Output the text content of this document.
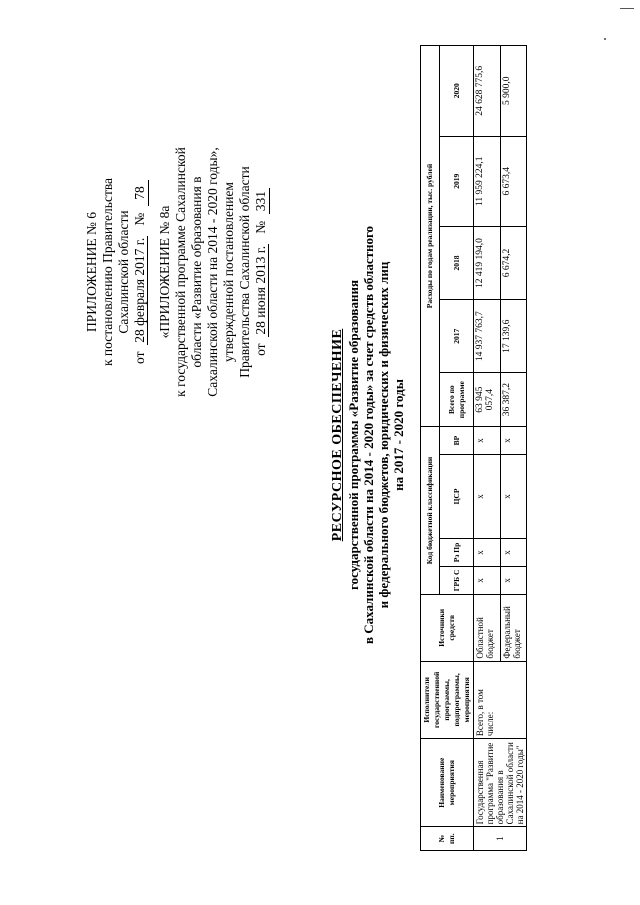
ПРИЛОЖЕНИЕ № 6 к постановлению Правительства Сахалинской области
от  28 февраля 2017 г.   №  78
«ПРИЛОЖЕНИЕ № 8а к государственной программе Сахалинской области «Развитие образования в Сахалинской области на 2014 - 2020 годы», утвержденной постановлением Правительства Сахалинской области от  28 июня 2013 г.   №  331
РЕСУРСНОЕ ОБЕСПЕЧЕНИЕ государственной программы «Развитие образования в Сахалинской области на 2014 - 2020 годы» за счет средств областного и федерального бюджетов, юридических и физических лиц на 2017 - 2020 годы
№ пп.	Наименование мероприятия	Исполнители государственной программы, подпрограммы, мероприятия	Источники средств	Код бюджетной классификации				Расходы по годам реализации, тыс. рублей				
				ГРБ С	Рз Пр	ЦСР	ВР	Всего по программе	2017	2018	2019	2020
1	Государственная программа "Развитие образования в Сахалинской области на 2014 - 2020 годы"	Всего, в том числе:	Областной бюджет	х	х	х	х	63 945 057,4	14 937 763,7	12 419 194,0	11 959 224,1	24 628 775,6
			Федеральный бюджет	х	х	х	х	36 387,2	17 139,6	6 674,2	6 673,4	5 900,0
